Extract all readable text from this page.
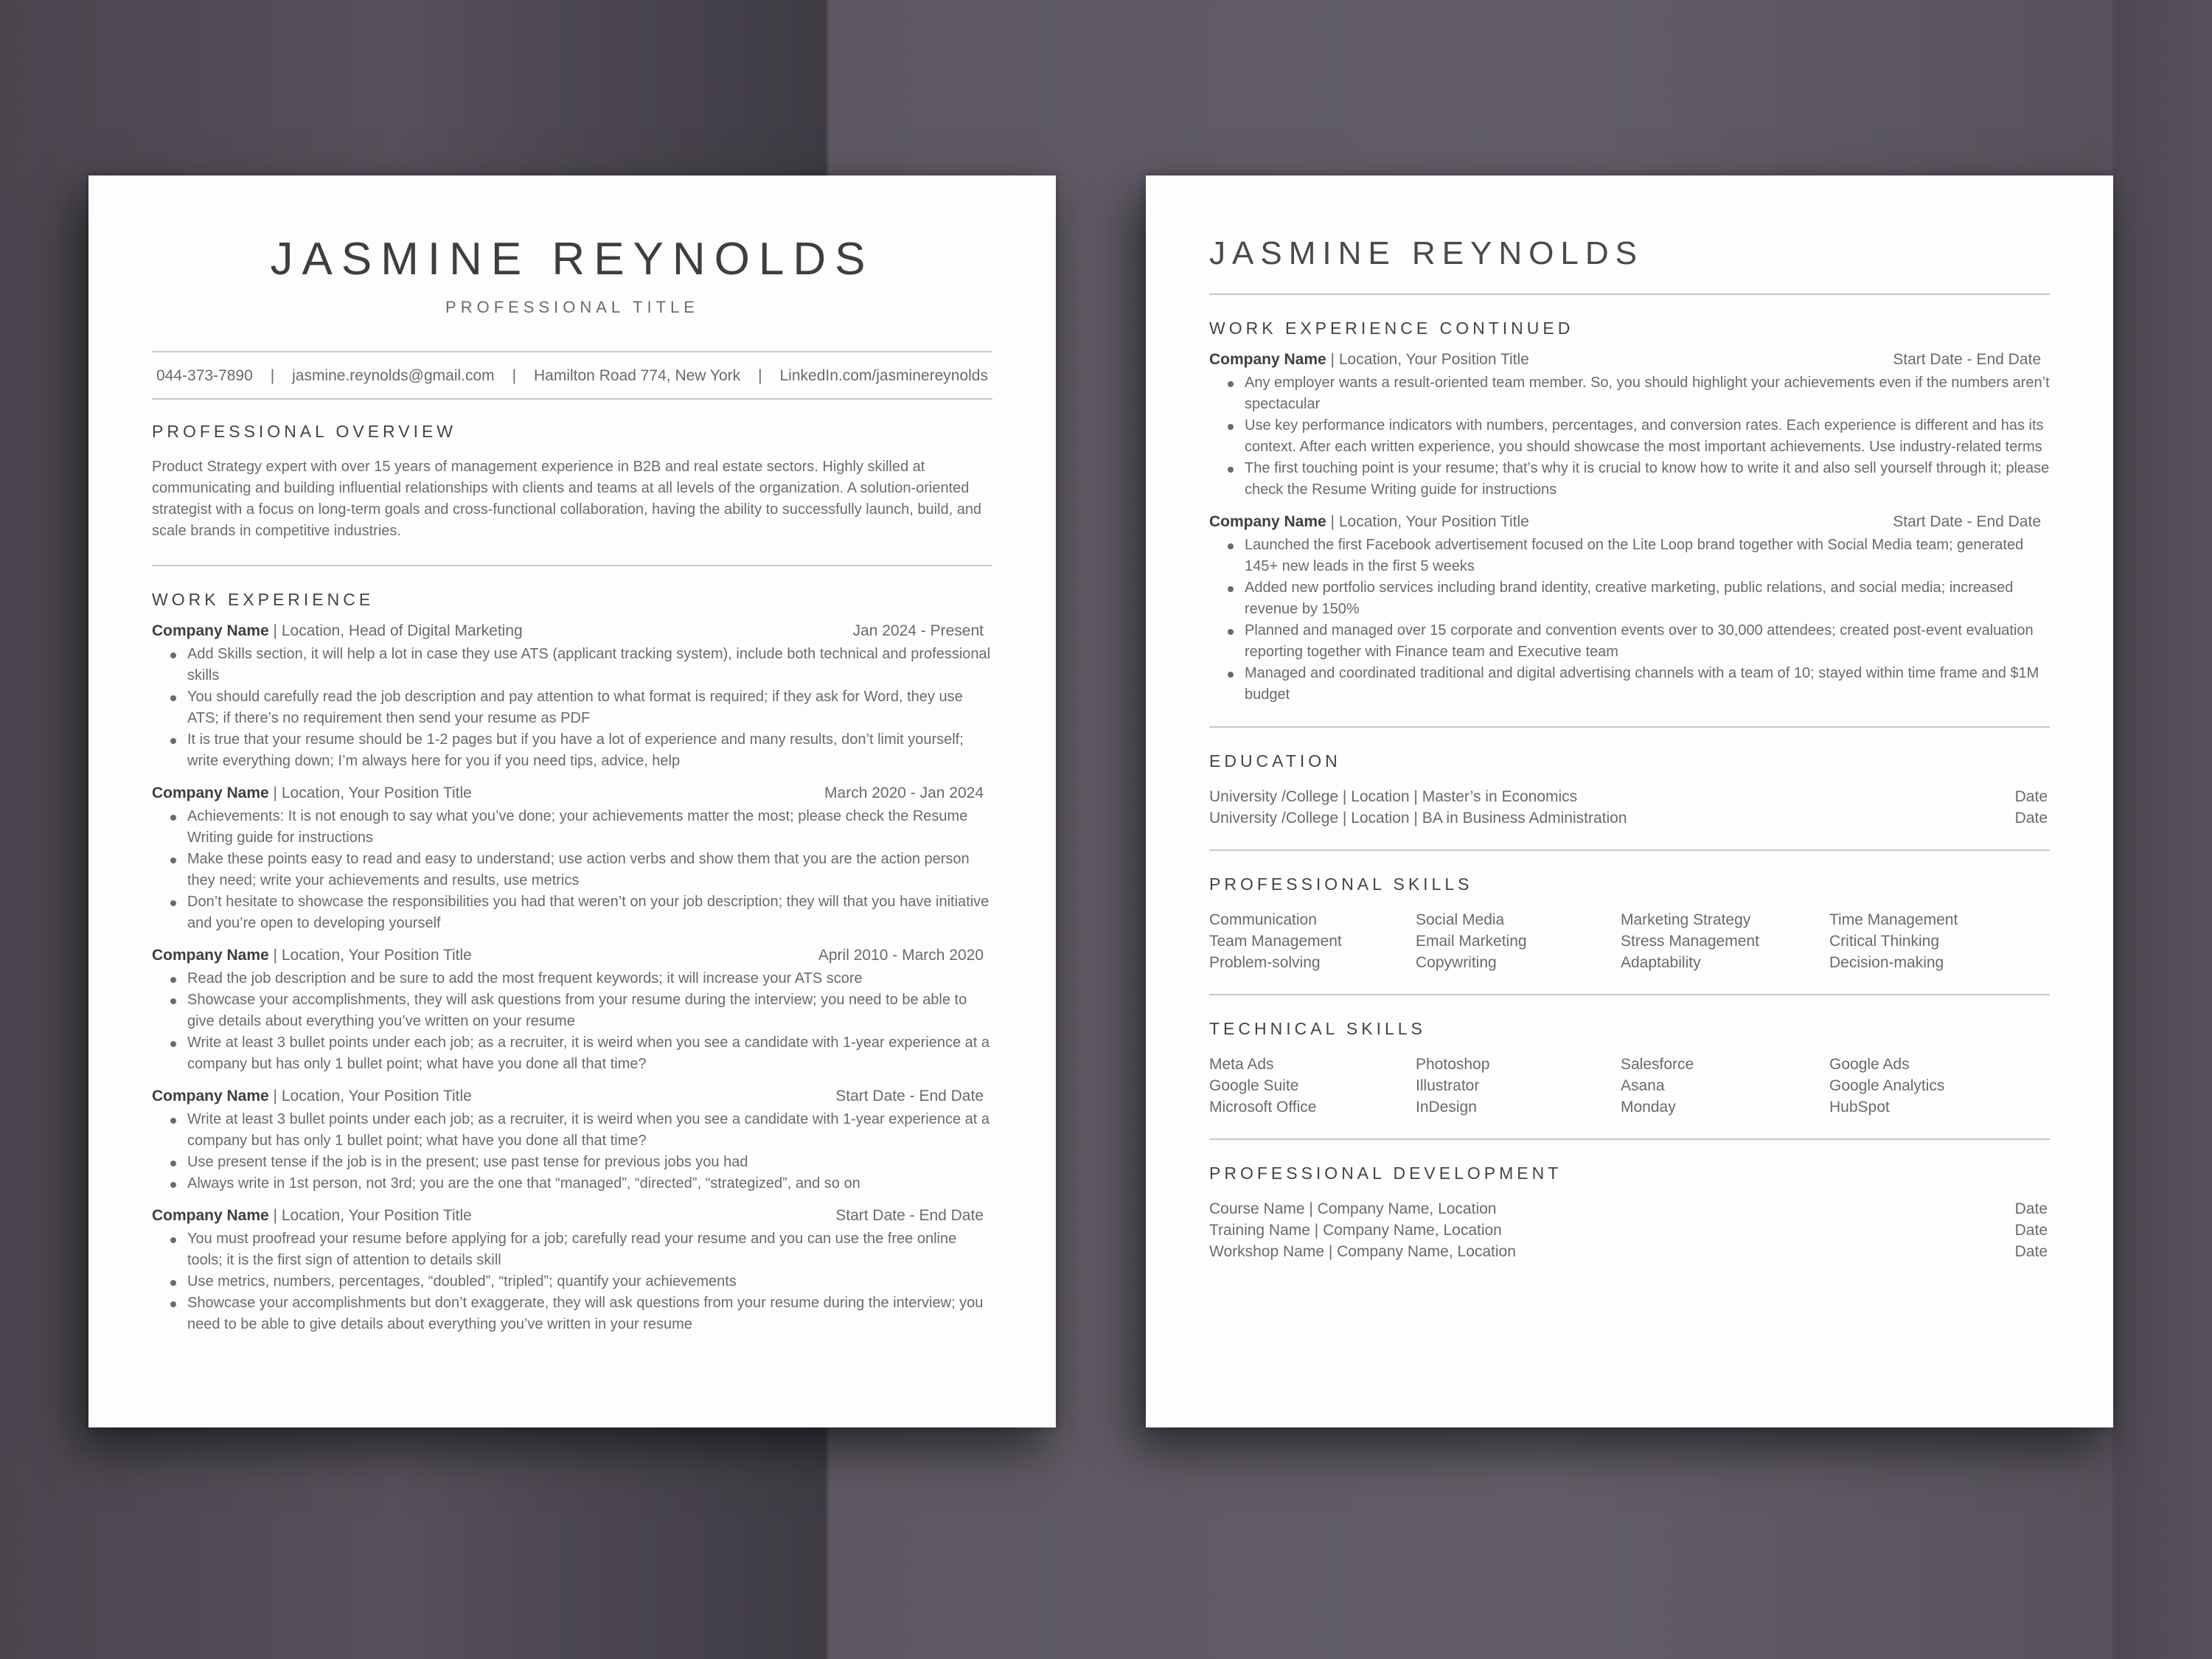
JASMINE REYNOLDS
PROFESSIONAL TITLE
044-373-7890 | jasmine.reynolds@gmail.com | Hamilton Road 774, New York | LinkedIn.com/jasminereynolds
PROFESSIONAL OVERVIEW
Product Strategy expert with over 15 years of management experience in B2B and real estate sectors. Highly skilled at communicating and building influential relationships with clients and teams at all levels of the organization. A solution-oriented strategist with a focus on long-term goals and cross-functional collaboration, having the ability to successfully launch, build, and scale brands in competitive industries.
WORK EXPERIENCE
Company Name | Location, Head of Digital Marketing	Jan 2024 - Present
Add Skills section, it will help a lot in case they use ATS (applicant tracking system), include both technical and professional skills
You should carefully read the job description and pay attention to what format is required; if they ask for Word, they use ATS; if there’s no requirement then send your resume as PDF
It is true that your resume should be 1-2 pages but if you have a lot of experience and many results, don’t limit yourself; write everything down; I’m always here for you if you need tips, advice, help
Company Name | Location, Your Position Title	March 2020 - Jan 2024
Achievements: It is not enough to say what you’ve done; your achievements matter the most; please check the Resume Writing guide for instructions
Make these points easy to read and easy to understand; use action verbs and show them that you are the action person they need; write your achievements and results, use metrics
Don’t hesitate to showcase the responsibilities you had that weren’t on your job description; they will that you have initiative and you’re open to developing yourself
Company Name | Location, Your Position Title	April 2010 - March 2020
Read the job description and be sure to add the most frequent keywords; it will increase your ATS score
Showcase your accomplishments, they will ask questions from your resume during the interview; you need to be able to give details about everything you’ve written on your resume
Write at least 3 bullet points under each job; as a recruiter, it is weird when you see a candidate with 1-year experience at a company but has only 1 bullet point; what have you done all that time?
Company Name | Location, Your Position Title	Start Date - End Date
Write at least 3 bullet points under each job; as a recruiter, it is weird when you see a candidate with 1-year experience at a company but has only 1 bullet point; what have you done all that time?
Use present tense if the job is in the present; use past tense for previous jobs you had
Always write in 1st person, not 3rd; you are the one that “managed”, “directed”, “strategized”, and so on
Company Name | Location, Your Position Title	Start Date - End Date
You must proofread your resume before applying for a job; carefully read your resume and you can use the free online tools; it is the first sign of attention to details skill
Use metrics, numbers, percentages, “doubled”, “tripled”; quantify your achievements
Showcase your accomplishments but don’t exaggerate, they will ask questions from your resume during the interview; you need to be able to give details about everything you’ve written in your resume
JASMINE REYNOLDS
WORK EXPERIENCE CONTINUED
Company Name | Location, Your Position Title	Start Date - End Date
Any employer wants a result-oriented team member. So, you should highlight your achievements even if the numbers aren’t spectacular
Use key performance indicators with numbers, percentages, and conversion rates. Each experience is different and has its context. After each written experience, you should showcase the most important achievements. Use industry-related terms
The first touching point is your resume; that’s why it is crucial to know how to write it and also sell yourself through it; please check the Resume Writing guide for instructions
Company Name | Location, Your Position Title	Start Date - End Date
Launched the first Facebook advertisement focused on the Lite Loop brand together with Social Media team; generated 145+ new leads in the first 5 weeks
Added new portfolio services including brand identity, creative marketing, public relations, and social media; increased revenue by 150%
Planned and managed over 15 corporate and convention events over to 30,000 attendees; created post-event evaluation reporting together with Finance team and Executive team
Managed and coordinated traditional and digital advertising channels with a team of 10; stayed within time frame and $1M budget
EDUCATION
University /College | Location | Master’s in Economics	Date
University /College | Location | BA in Business Administration	Date
PROFESSIONAL SKILLS
Communication	Social Media	Marketing Strategy	Time Management
Team Management	Email Marketing	Stress Management	Critical Thinking
Problem-solving	Copywriting	Adaptability	Decision-making
TECHNICAL SKILLS
Meta Ads	Photoshop	Salesforce	Google Ads
Google Suite	Illustrator	Asana	Google Analytics
Microsoft Office	InDesign	Monday	HubSpot
PROFESSIONAL DEVELOPMENT
Course Name | Company Name, Location	Date
Training Name | Company Name, Location	Date
Workshop Name | Company Name, Location	Date
